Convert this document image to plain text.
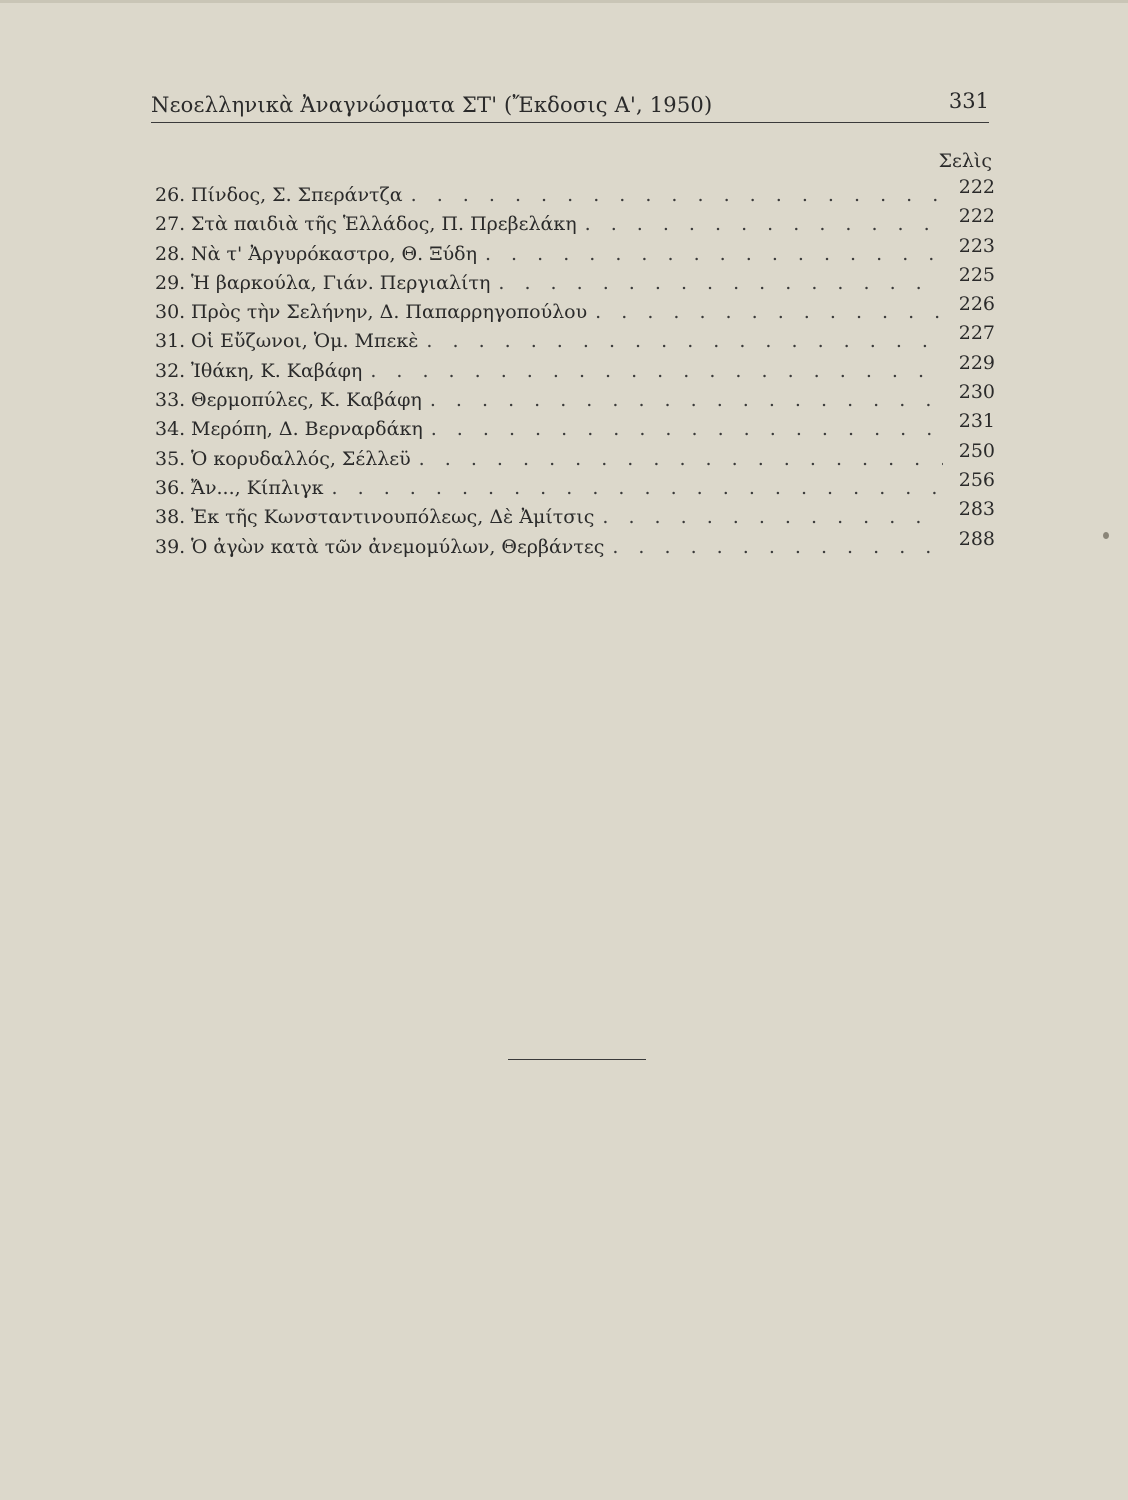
Νεοελληνικὰ Ἀναγνώσματα ΣΤ' (Ἔκδοσις Α', 1950)	331
Σελὶς
26. Πίνδος, Σ. Σπεράντζα . . .	222
27. Στὰ παιδιὰ τῆς Ἑλλάδος, Π. Πρεβελάκη . . .	222
28. Νὰ τ' Ἀργυρόκαστρο, Θ. Ξύδη . . .	223
29. Ἡ βαρκούλα, Γιάν. Περγιαλίτη . . .	225
30. Πρὸς τὴν Σελήνην, Δ. Παπαρρηγοπούλου . . .	226
31. Οἱ Εὔζωνοι, Ὁμ. Μπεκὲ . . .	227
32. Ἰθάκη, Κ. Καβάφη . . .	229
33. Θερμοπύλες, Κ. Καβάφη . . .	230
34. Μερόπη, Δ. Βερναρδάκη . . .	231
35. Ὁ κορυδαλλός, Σέλλεϋ . . .	250
36. Ἄν..., Κίπλιγκ . . .	256
38. Ἐκ τῆς Κωνσταντινουπόλεως, Δὲ Ἀμίτσις . . .	283
39. Ὁ ἀγὼν κατὰ τῶν ἀνεμομύλων, Θερβάντες . . .	288
